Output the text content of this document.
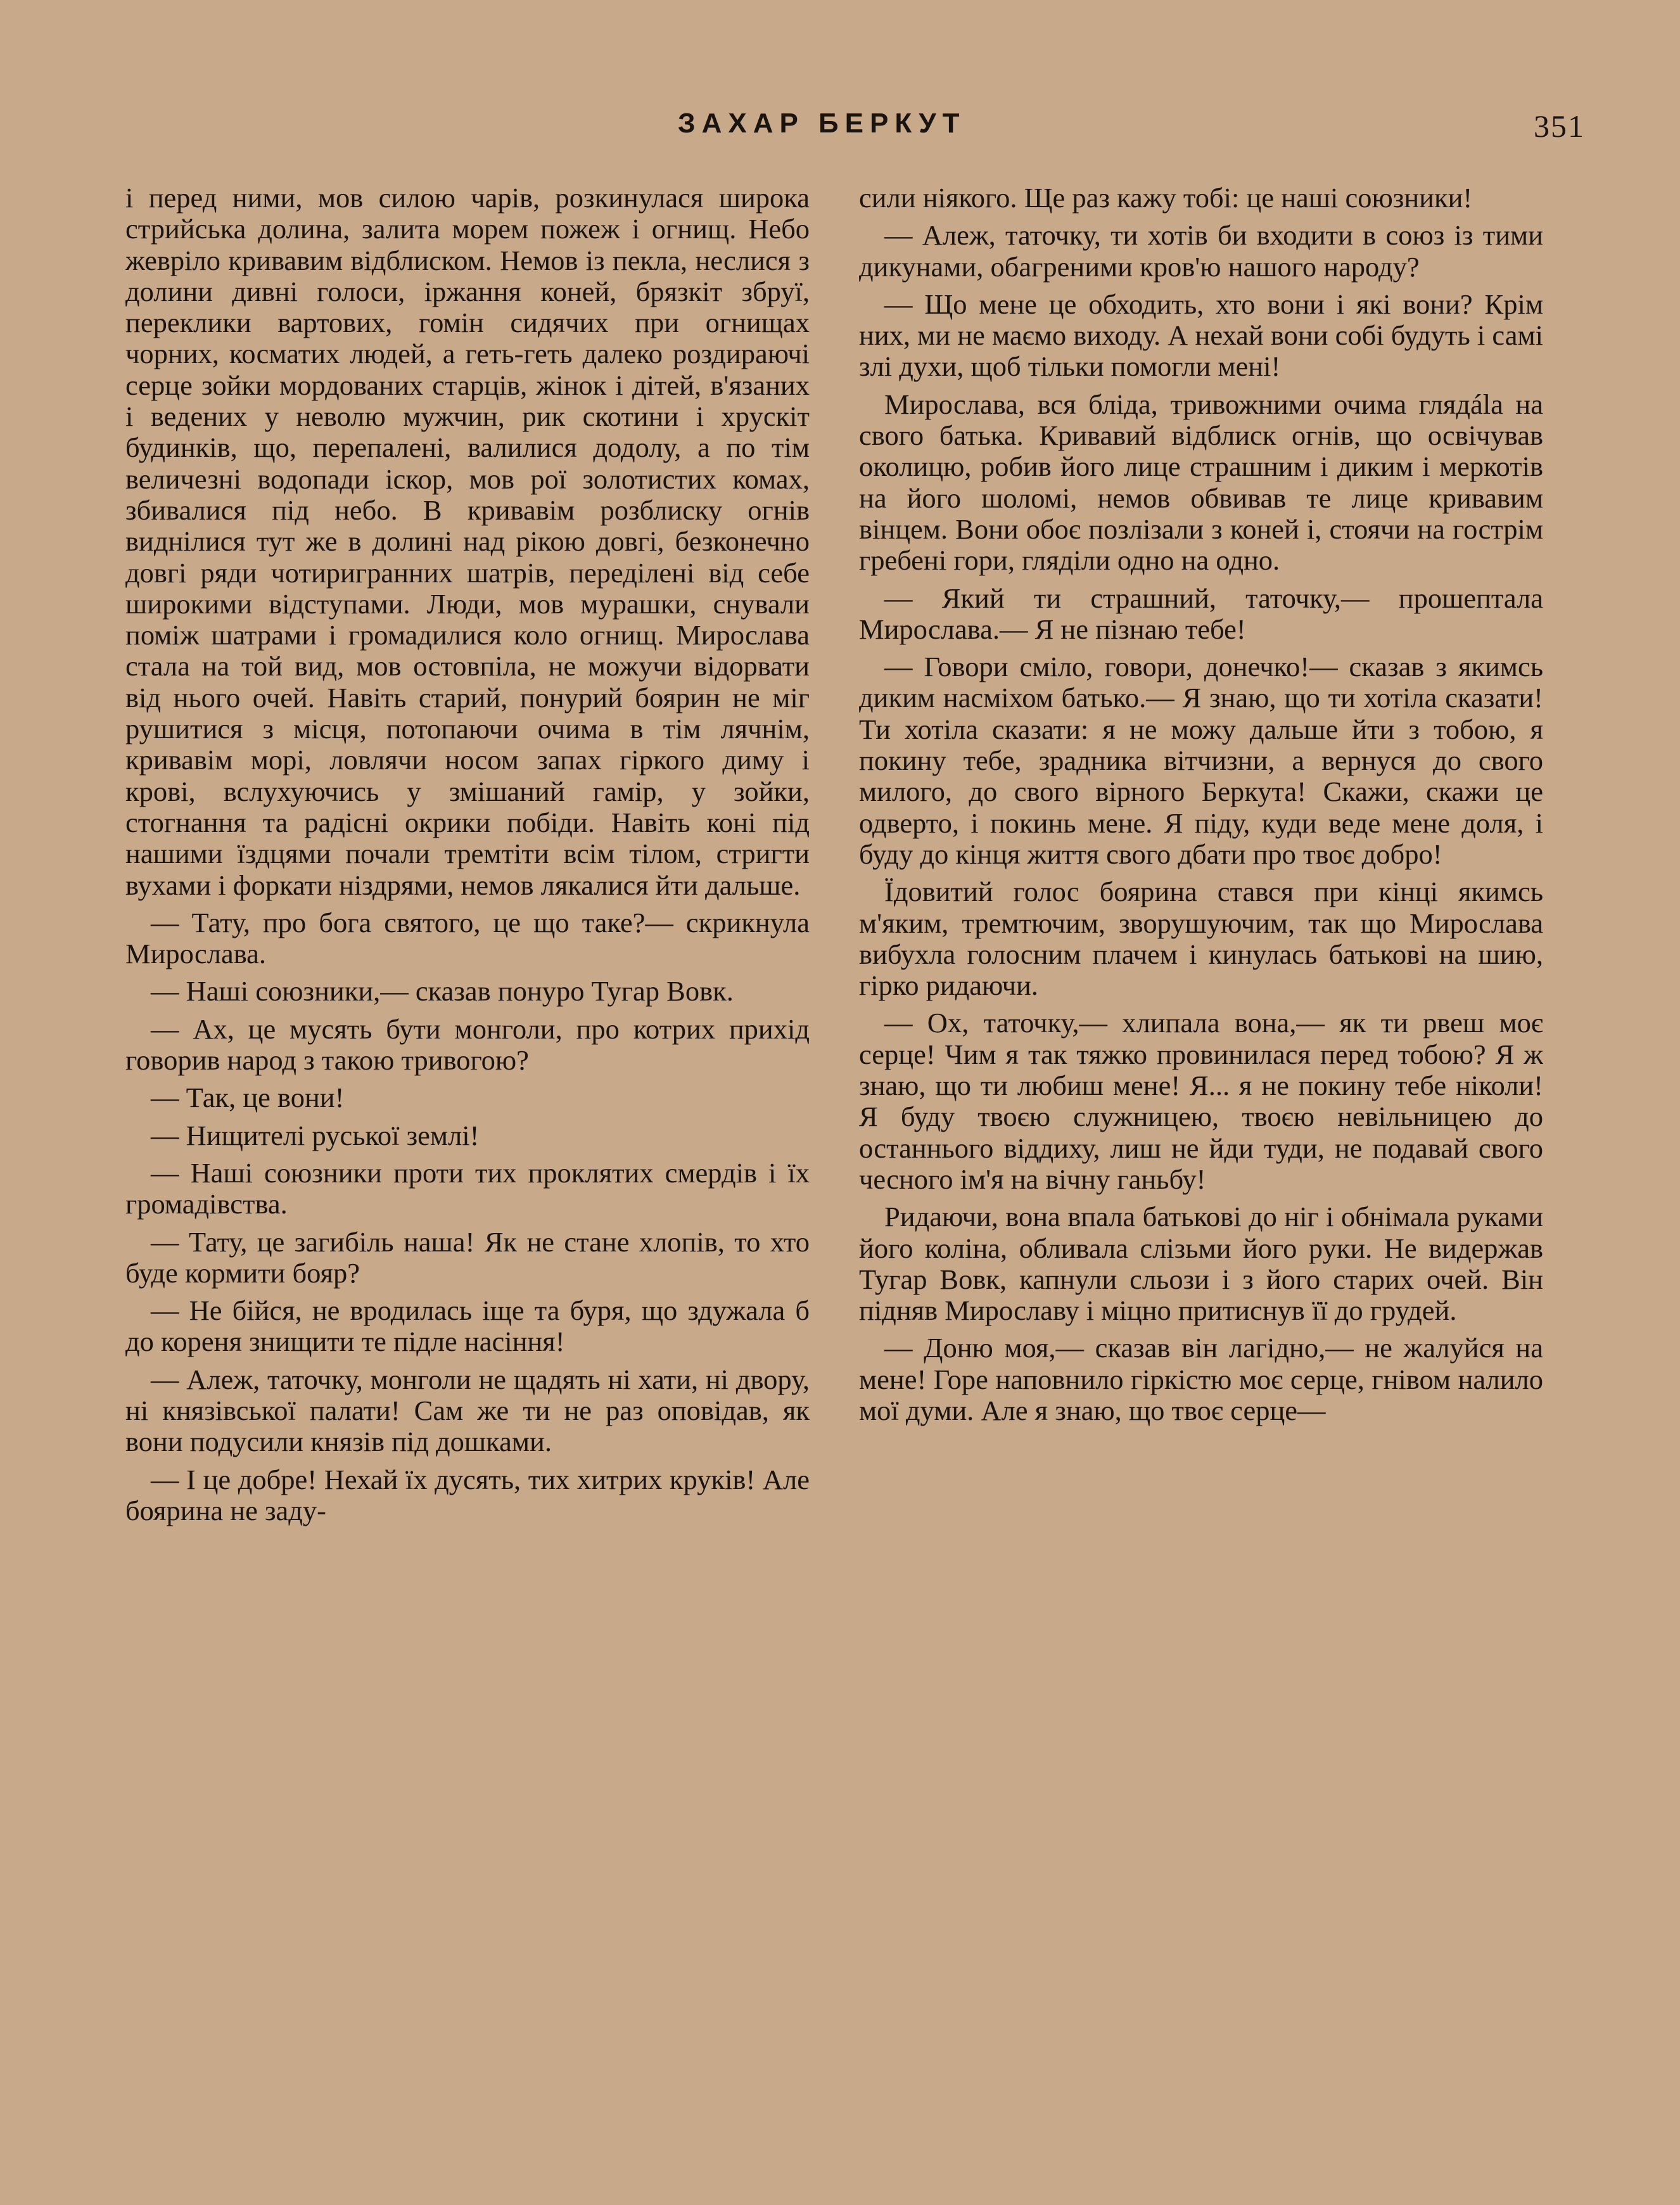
ЗАХАР БЕРКУТ	351

і перед ними, мов силою чарів, розкинулася широка стрийська долина, залита морем пожеж і огнищ. Небо жевріло кривавим відблиском. Немов із пекла, неслися з долини дивні голоси, іржання коней, брязкіт збруї, переклики вартових, гомін сидячих при огнищах чорних, косматих людей, а геть-геть далеко роздираючі серце зойки мордованих старців, жінок і дітей, в'язаних і ведених у неволю мужчин, рик скотини і хрускіт будинків, що, перепалені, валилися додолу, а по тім величезні водопади іскор, мов рої золотистих комах, збивалися під небо. В кривавім розблиску огнів виднілися тут же в долині над рікою довгі, безконечно довгі ряди чотиригранних шатрів, переділені від себе широкими відступами. Люди, мов мурашки, снували поміж шатрами і громадилися коло огнищ. Мирослава стала на той вид, мов остовпіла, не можучи відорвати від нього очей. Навіть старий, понурий боярин не міг рушитися з місця, потопаючи очима в тім лячнім, кривавім морі, ловлячи носом запах гіркого диму і крові, вслухуючись у змішаний гамір, у зойки, стогнання та радісні окрики побіди. Навіть коні під нашими їздцями почали тремтіти всім тілом, стригти вухами і форкати ніздрями, немов лякалися йти дальше.

— Тату, про бога святого, це що таке?— скрикнула Мирослава.

— Наші союзники,— сказав понуро Тугар Вовк.

— Ах, це мусять бути монголи, про котрих прихід говорив народ з такою тривогою?

— Так, це вони!

— Нищителі руської землі!

— Наші союзники проти тих проклятих смердів і їх громадівства.

— Тату, це загибіль наша! Як не стане хлопів, то хто буде кормити бояр?

— Не бійся, не вродилась іще та буря, що здужала б до кореня знищити те підле насіння!

— Алеж, таточку, монголи не щадять ні хати, ні двору, ні князівської палати! Сам же ти не раз оповідав, як вони подусили князів під дошками.

— І це добре! Нехай їх дусять, тих хитрих круків! Але боярина не заду-

сили ніякого. Ще раз кажу тобі: це наші союзники!

— Алеж, таточку, ти хотів би входити в союз із тими дикунами, обагреними кров'ю нашого народу?

— Що мене це обходить, хто вони і які вони? Крім них, ми не маємо виходу. А нехай вони собі будуть і самі злі духи, щоб тільки помогли мені!

Мирослава, вся бліда, тривожними очима глядála на свого батька. Кривавий відблиск огнів, що освічував околицю, робив його лице страшним і диким і меркотів на його шоломі, немов обвивав те лице кривавим вінцем. Вони обоє позлізали з коней і, стоячи на гострім гребені гори, гляділи одно на одно.

— Який ти страшний, таточку,— прошептала Мирослава.— Я не пізнаю тебе!

— Говори сміло, говори, донечко!— сказав з якимсь диким насміхом батько.— Я знаю, що ти хотіла сказати! Ти хотіла сказати: я не можу дальше йти з тобою, я покину тебе, зрадника вітчизни, а вернуся до свого милого, до свого вірного Беркута! Скажи, скажи це одверто, і покинь мене. Я піду, куди веде мене доля, і буду до кінця життя свого дбати про твоє добро!

Їдовитий голос боярина стався при кінці якимсь м'яким, тремтючим, зворушуючим, так що Мирослава вибухла голосним плачем і кинулась батькові на шию, гірко ридаючи.

— Ох, таточку,— хлипала вона,— як ти рвеш моє серце! Чим я так тяжко провинилася перед тобою? Я ж знаю, що ти любиш мене! Я... я не покину тебе ніколи! Я буду твоєю служницею, твоєю невільницею до останнього віддиху, лиш не йди туди, не подавай свого чесного ім'я на вічну ганьбу!

Ридаючи, вона впала батькові до ніг і обнімала руками його коліна, обливала слізьми його руки. Не видержав Тугар Вовк, капнули сльози і з його старих очей. Він підняв Мирославу і міцно притиснув її до грудей.

— Доню моя,— сказав він лагідно,— не жалуйся на мене! Горе наповнило гіркістю моє серце, гнівом налило мої думи. Але я знаю, що твоє серце—
